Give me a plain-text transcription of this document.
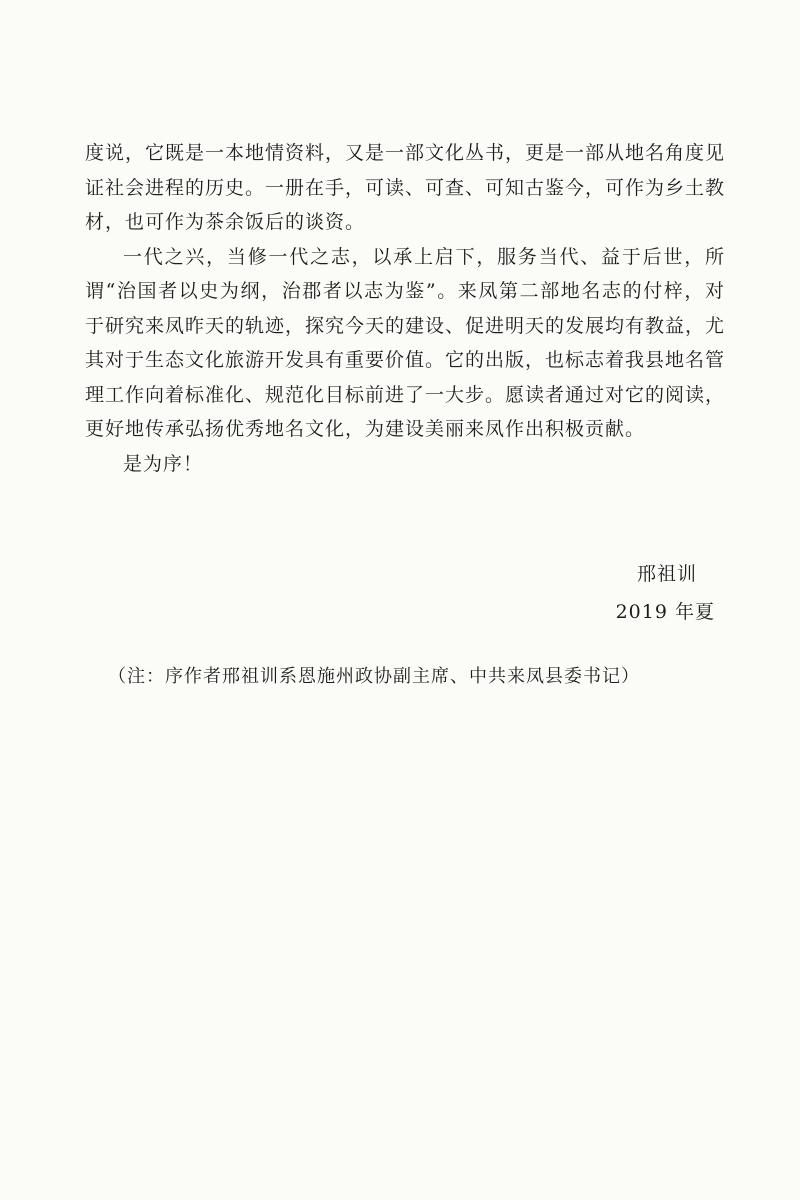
度说，它既是一本地情资料，又是一部文化丛书，更是一部从地名角度见证社会进程的历史。一册在手，可读、可查、可知古鉴今，可作为乡土教材，也可作为茶余饭后的谈资。

一代之兴，当修一代之志，以承上启下，服务当代、益于后世，所谓“治国者以史为纲，治郡者以志为鉴”。来凤第二部地名志的付梓，对于研究来凤昨天的轨迹，探究今天的建设、促进明天的发展均有教益，尤其对于生态文化旅游开发具有重要价值。它的出版，也标志着我县地名管理工作向着标准化、规范化目标前进了一大步。愿读者通过对它的阅读，更好地传承弘扬优秀地名文化，为建设美丽来凤作出积极贡献。

是为序！

邢祖训
2019 年夏
（注：序作者邢祖训系恩施州政协副主席、中共来凤县委书记）
